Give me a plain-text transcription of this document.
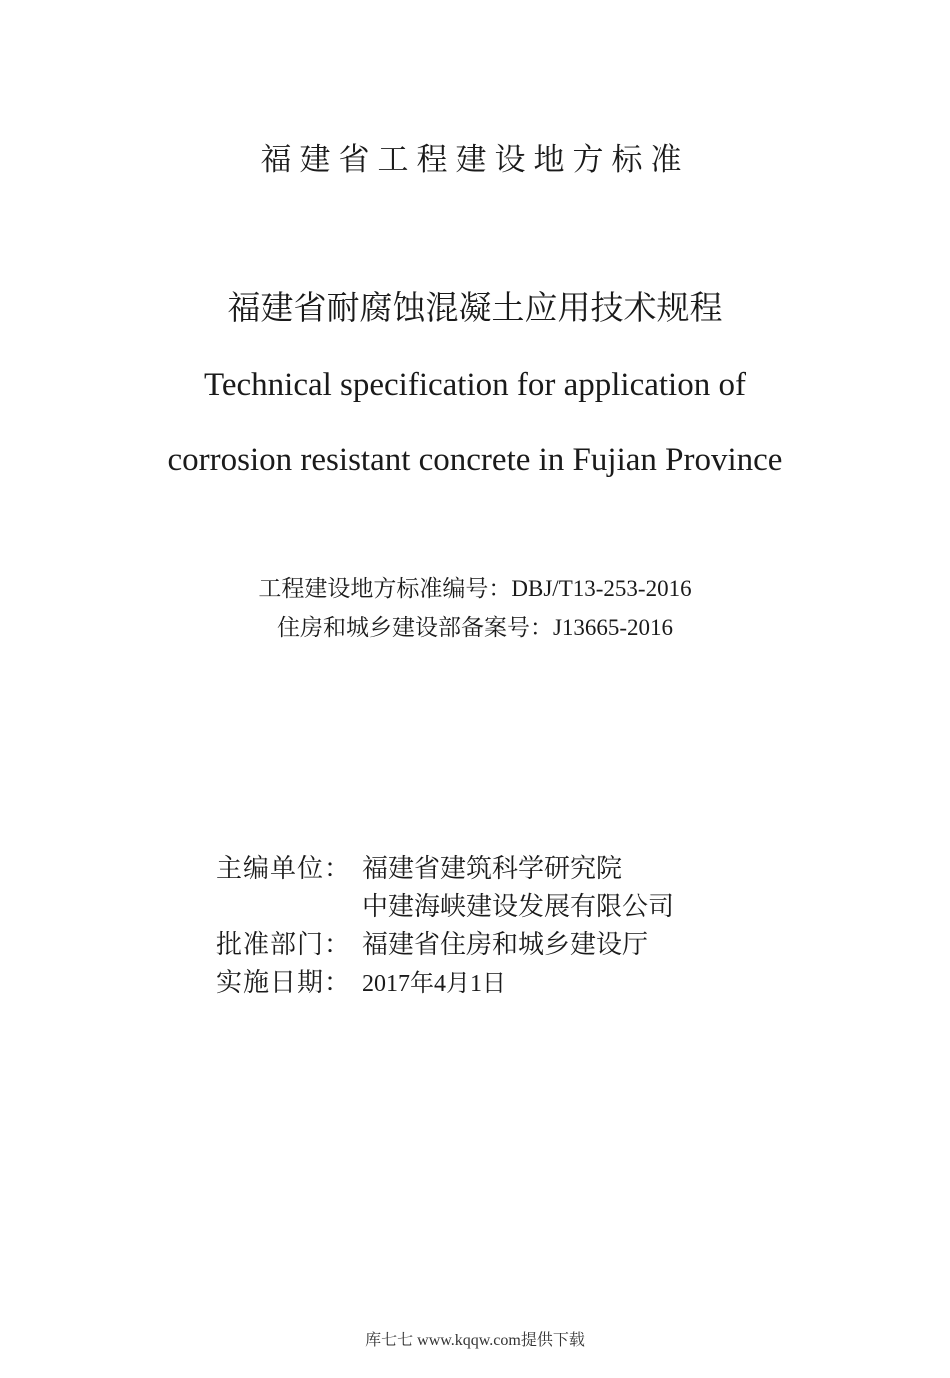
福建省工程建设地方标准
福建省耐腐蚀混凝土应用技术规程
Technical specification for application of
corrosion resistant concrete in Fujian Province
工程建设地方标准编号：DBJ/T13-253-2016
住房和城乡建设部备案号：J13665-2016
主编单位： 福建省建筑科学研究院
中建海峡建设发展有限公司
批准部门： 福建省住房和城乡建设厅
实施日期： 2017年4月1日
库七七 www.kqqw.com提供下载
